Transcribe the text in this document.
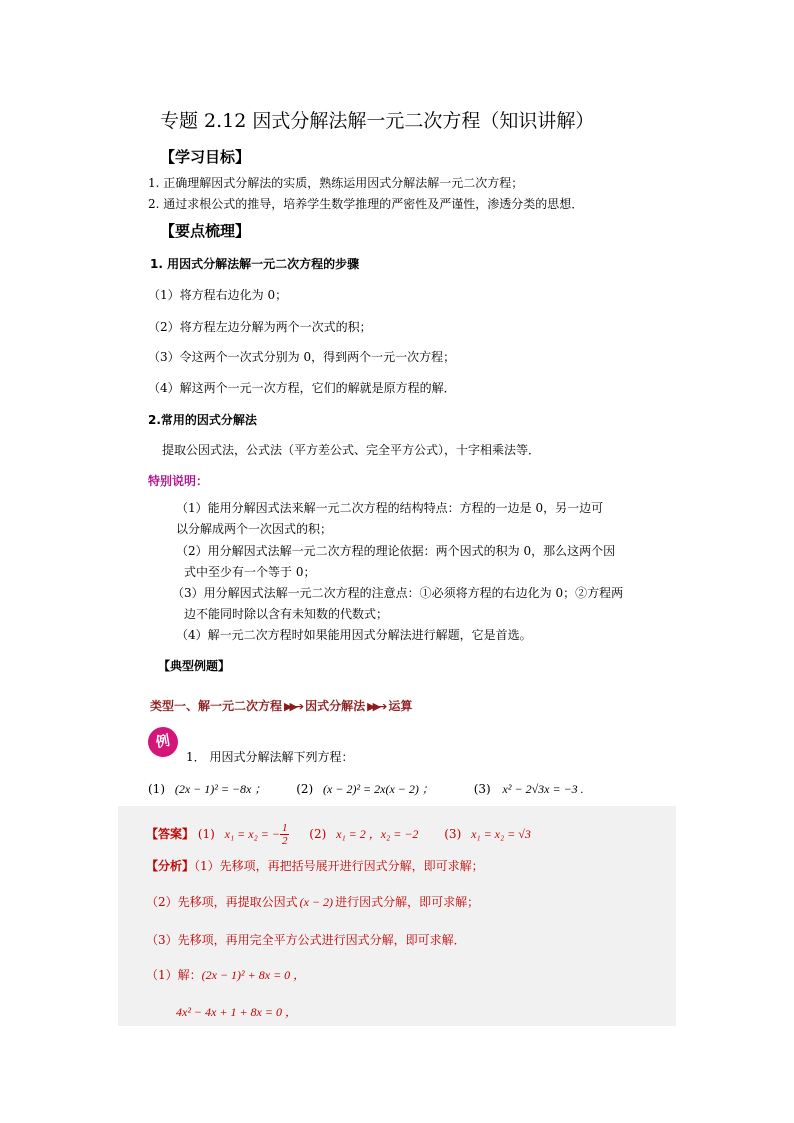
专题 2.12 因式分解法解一元二次方程（知识讲解）
【学习目标】
1. 正确理解因式分解法的实质，熟练运用因式分解法解一元二次方程；
2. 通过求根公式的推导，培养学生数学推理的严密性及严谨性，渗透分类的思想．
【要点梳理】
1. 用因式分解法解一元二次方程的步骤
（1）将方程右边化为 0；
（2）将方程左边分解为两个一次式的积；
（3）令这两个一次式分别为 0，得到两个一元一次方程；
（4）解这两个一元一次方程，它们的解就是原方程的解．
2.常用的因式分解法
提取公因式法，公式法（平方差公式、完全平方公式），十字相乘法等．
特别说明：
（1）能用分解因式法来解一元二次方程的结构特点：方程的一边是 0，另一边可
以分解成两个一次因式的积；
（2）用分解因式法解一元二次方程的理论依据：两个因式的积为 0，那么这两个因
式中至少有一个等于 0；
（3）用分解因式法解一元二次方程的注意点：①必须将方程的右边化为 0；②方程两
边不能同时除以含有未知数的代数式；
（4）解一元二次方程时如果能用因式分解法进行解题，它是首选。
【典型例题】
类型一、解一元二次方程 ▶▶➔ 因式分解法 ▶▶➔ 运算
例
1． 用因式分解法解下列方程：
(1) (2x − 1)² = −8x ； (2) (x − 2)² = 2x(x − 2) ；	(3) x² − 2√3x = −3 .
【答案】 (1) x₁ = x₂ = − $\frac{1}{2} (2) x_1 = 2$ ，x₂ = −2 (3) x₁ = x₂ = √3
【分析】（1）先移项，再把括号展开进行因式分解，即可求解；
（2）先移项，再提取公因式 (x − 2) 进行因式分解，即可求解；
（3）先移项，再用完全平方公式进行因式分解，即可求解．
（1）解：(2x − 1)² + 8x = 0 ，
4x² − 4x + 1 + 8x = 0 ，
